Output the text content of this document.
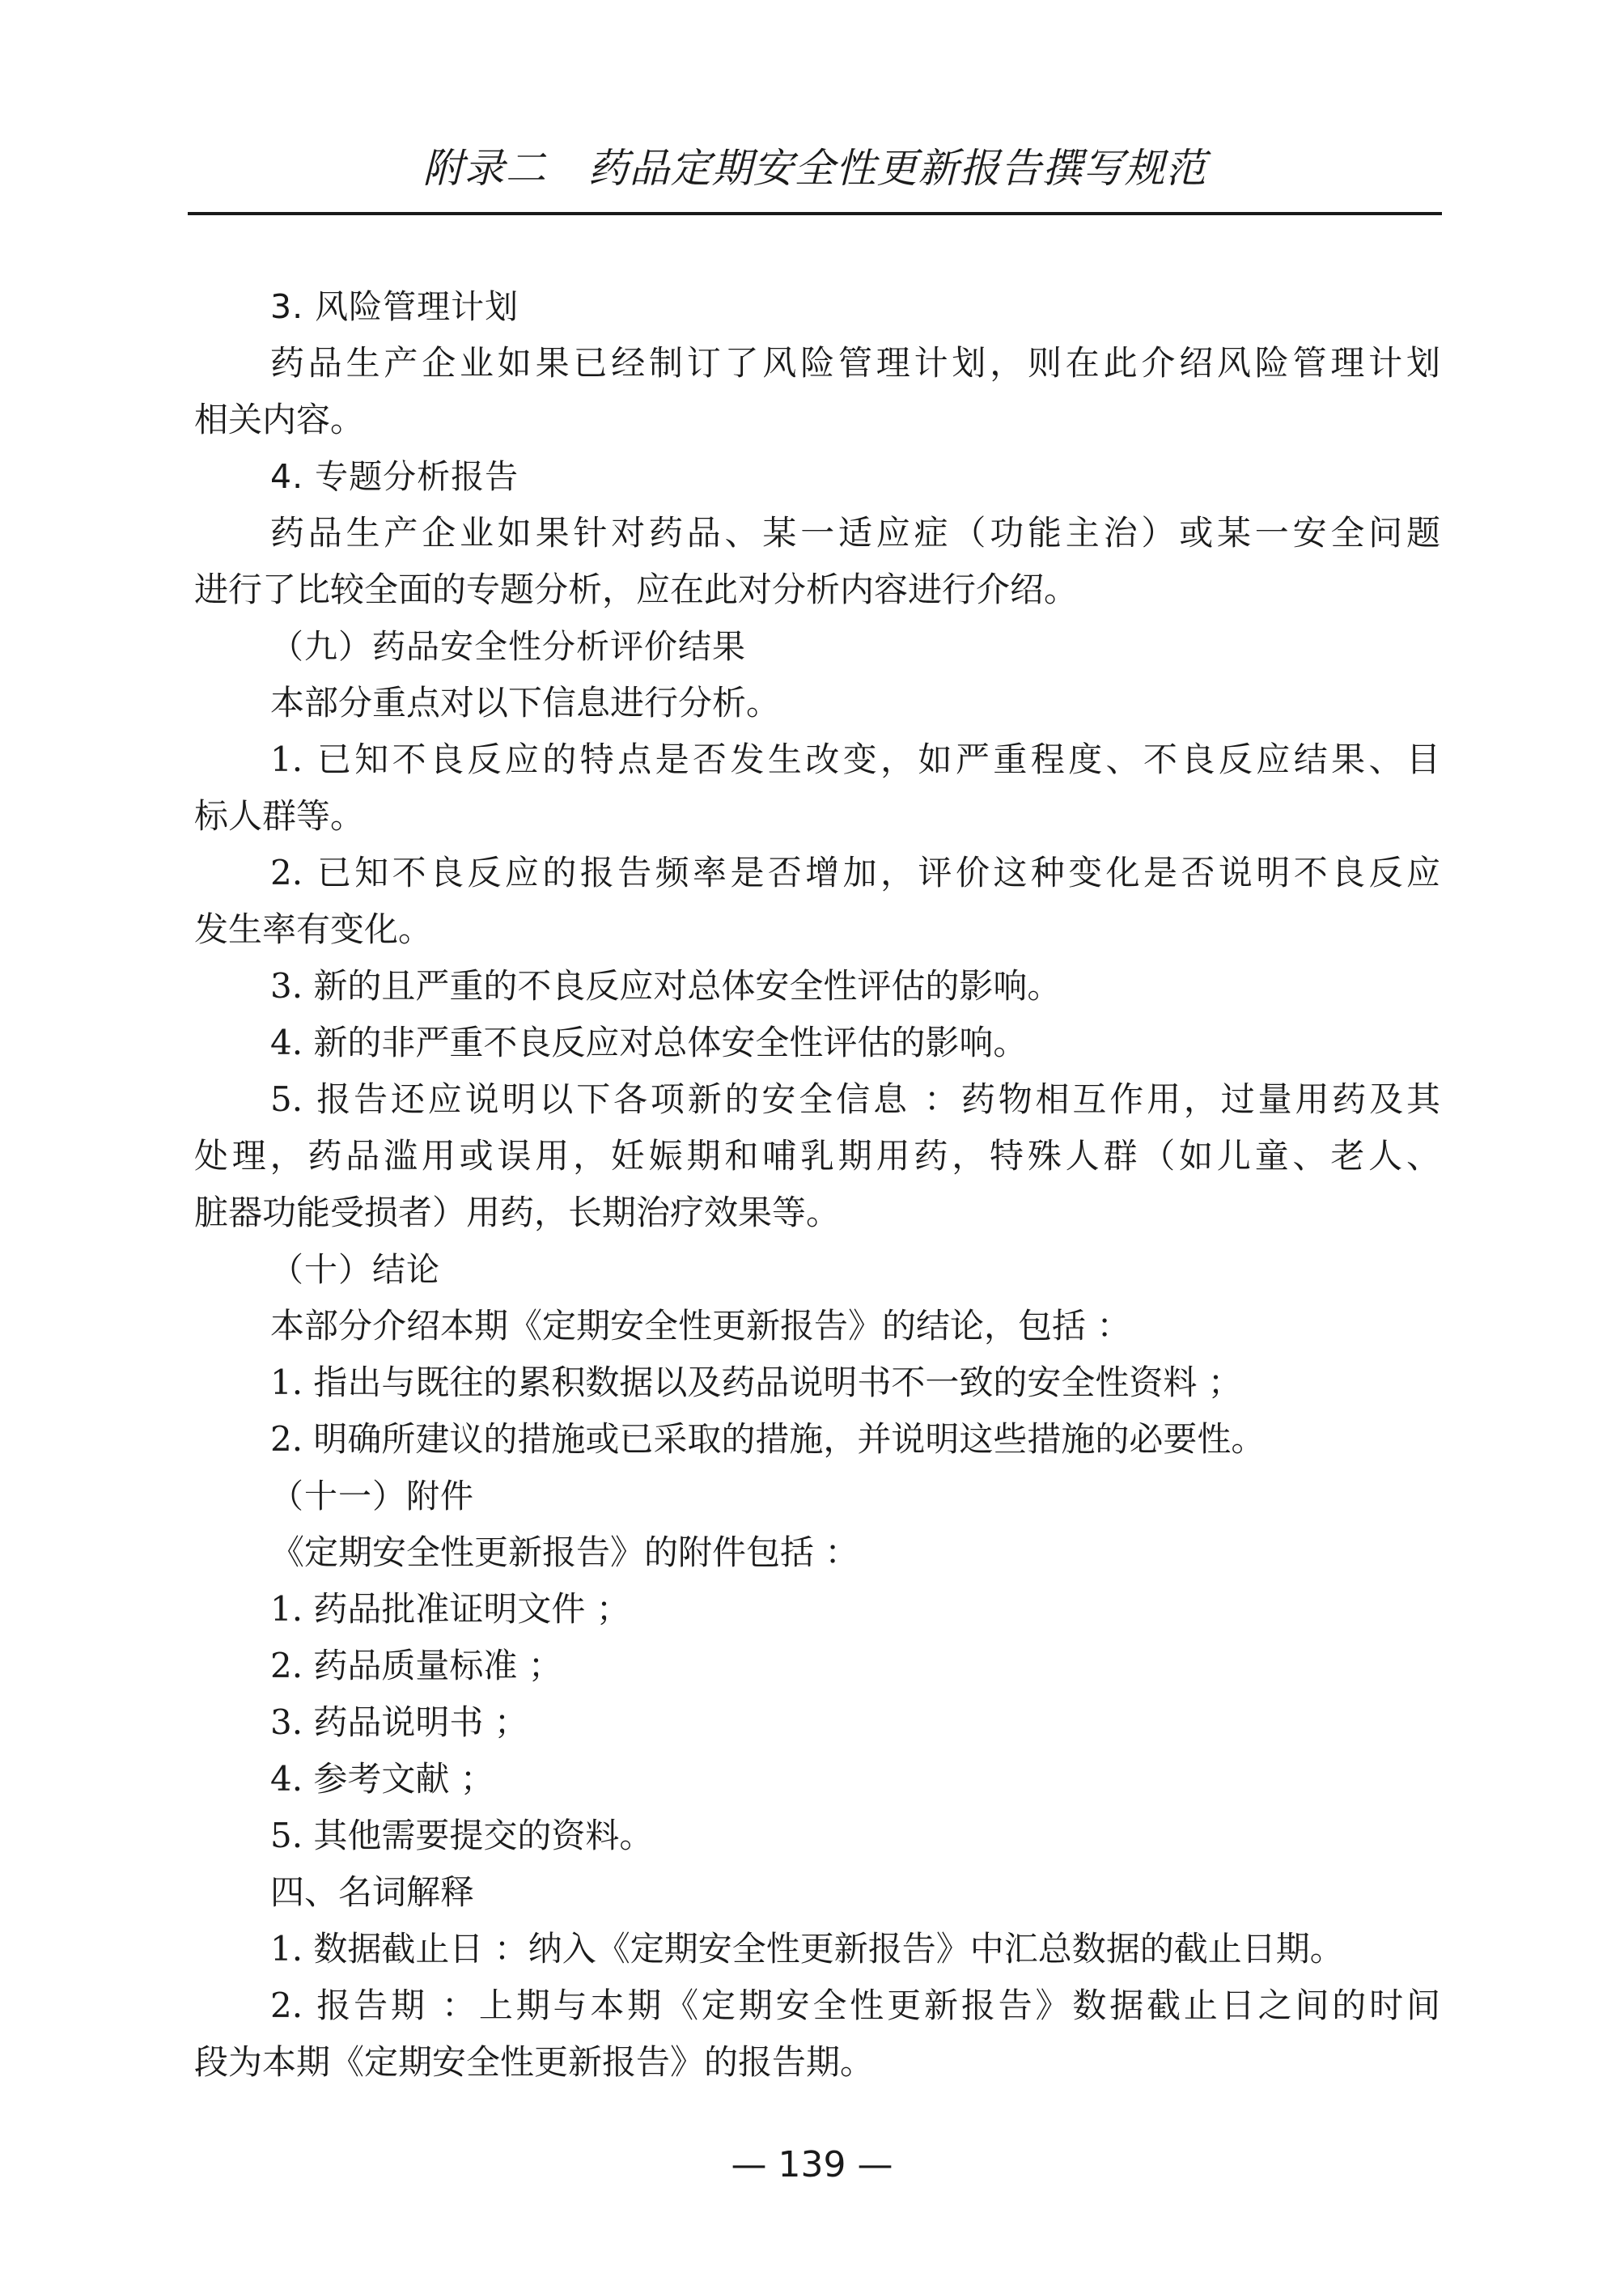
附录二　药品定期安全性更新报告撰写规范
3. 风险管理计划
药品生产企业如果已经制订了风险管理计划，则在此介绍风险管理计划
相关内容。
4. 专题分析报告
药品生产企业如果针对药品、某一适应症（功能主治）或某一安全问题
进行了比较全面的专题分析，应在此对分析内容进行介绍。
（九）药品安全性分析评价结果
本部分重点对以下信息进行分析。
1. 已知不良反应的特点是否发生改变，如严重程度、不良反应结果、目
标人群等。
2. 已知不良反应的报告频率是否增加，评价这种变化是否说明不良反应
发生率有变化。
3. 新的且严重的不良反应对总体安全性评估的影响。
4. 新的非严重不良反应对总体安全性评估的影响。
5. 报告还应说明以下各项新的安全信息 ：药物相互作用，过量用药及其
处理，药品滥用或误用，妊娠期和哺乳期用药，特殊人群（如儿童、老人、
脏器功能受损者）用药，长期治疗效果等。
（十）结论
本部分介绍本期《定期安全性更新报告》的结论，包括 ：
1. 指出与既往的累积数据以及药品说明书不一致的安全性资料 ；
2. 明确所建议的措施或已采取的措施，并说明这些措施的必要性。
（十一）附件
《定期安全性更新报告》的附件包括 ：
1. 药品批准证明文件 ；
2. 药品质量标准 ；
3. 药品说明书 ；
4. 参考文献 ；
5. 其他需要提交的资料。
四、名词解释
1. 数据截止日 ：纳入《定期安全性更新报告》中汇总数据的截止日期。
2. 报告期 ：上期与本期《定期安全性更新报告》数据截止日之间的时间
段为本期《定期安全性更新报告》的报告期。
— 139 —
